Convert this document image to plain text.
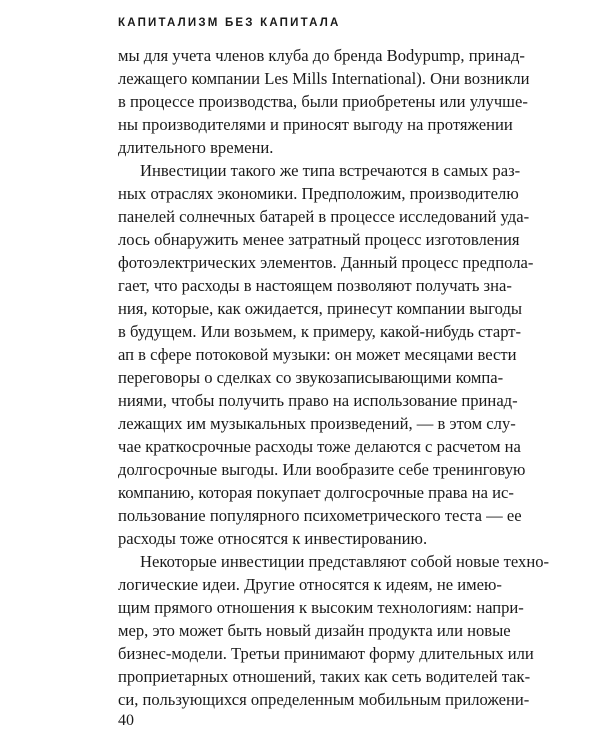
КАПИТАЛИЗМ БЕЗ КАПИТАЛА
мы для учета членов клуба до бренда Bodypump, принад-
лежащего компании Les Mills International). Они возникли
в процессе производства, были приобретены или улучше-
ны производителями и приносят выгоду на протяжении
длительного времени.
Инвестиции такого же типа встречаются в самых раз-
ных отраслях экономики. Предположим, производителю
панелей солнечных батарей в процессе исследований уда-
лось обнаружить менее затратный процесс изготовления
фотоэлектрических элементов. Данный процесс предпола-
гает, что расходы в настоящем позволяют получать зна-
ния, которые, как ожидается, принесут компании выгоды
в будущем. Или возьмем, к примеру, какой-нибудь старт-
ап в сфере потоковой музыки: он может месяцами вести
переговоры о сделках со звукозаписывающими компа-
ниями, чтобы получить право на использование принад-
лежащих им музыкальных произведений, — в этом слу-
чае краткосрочные расходы тоже делаются с расчетом на
долгосрочные выгоды. Или вообразите себе тренинговую
компанию, которая покупает долгосрочные права на ис-
пользование популярного психометрического теста — ее
расходы тоже относятся к инвестированию.
Некоторые инвестиции представляют собой новые техно-
логические идеи. Другие относятся к идеям, не имею-
щим прямого отношения к высоким технологиям: напри-
мер, это может быть новый дизайн продукта или новые
бизнес-модели. Третьи принимают форму длительных или
проприетарных отношений, таких как сеть водителей так-
си, пользующихся определенным мобильным приложени-
40
